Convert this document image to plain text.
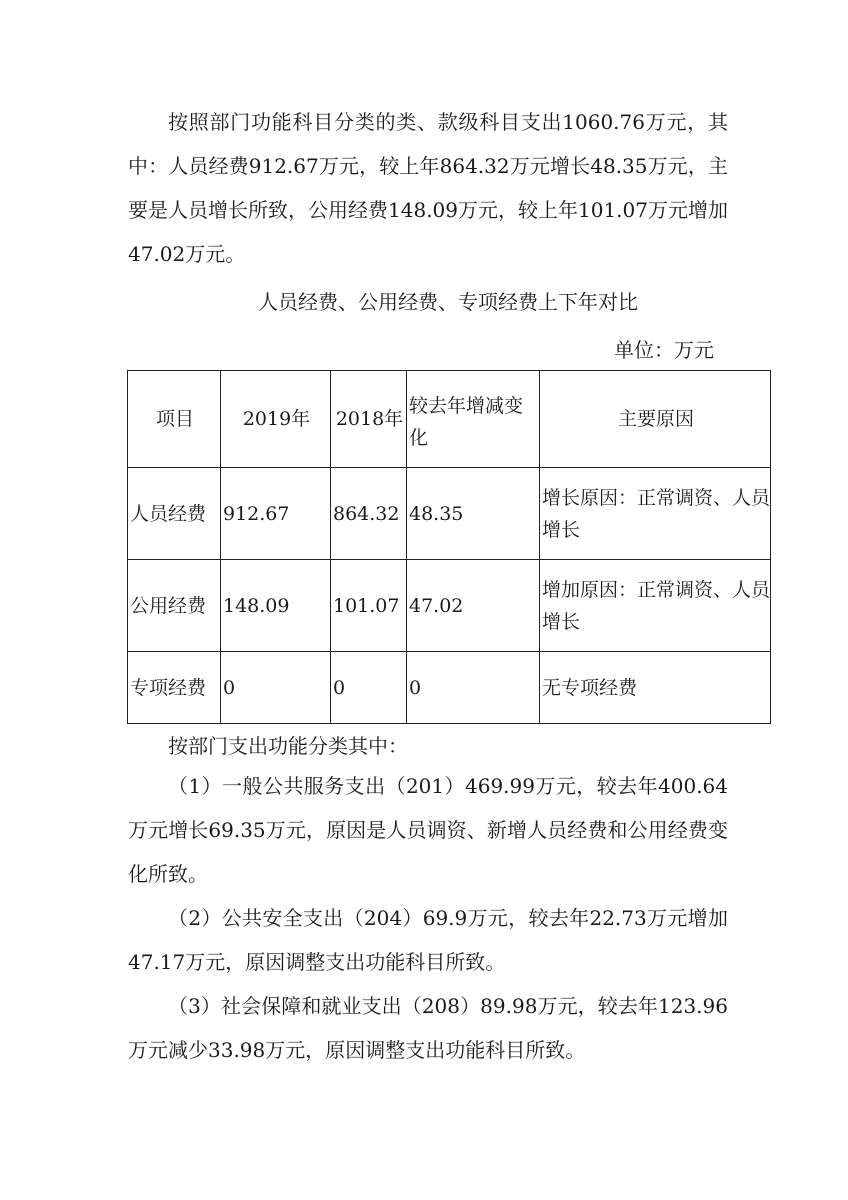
按照部门功能科目分类的类、款级科目支出1060.76万元，其中：人员经费912.67万元，较上年864.32万元增长48.35万元，主要是人员增长所致，公用经费148.09万元，较上年101.07万元增加47.02万元。

人员经费、公用经费、专项经费上下年对比

单位：万元

项目	2019年	2018年	较去年增减变化	主要原因
人员经费	912.67	864.32	48.35	增长原因：正常调资、人员增长
公用经费	148.09	101.07	47.02	增加原因：正常调资、人员增长
专项经费	0	0	0	无专项经费

按部门支出功能分类其中：

（1）一般公共服务支出（201）469.99万元，较去年400.64万元增长69.35万元，原因是人员调资、新增人员经费和公用经费变化所致。

（2）公共安全支出（204）69.9万元，较去年22.73万元增加47.17万元，原因调整支出功能科目所致。

（3）社会保障和就业支出（208）89.98万元，较去年123.96万元减少33.98万元，原因调整支出功能科目所致。
